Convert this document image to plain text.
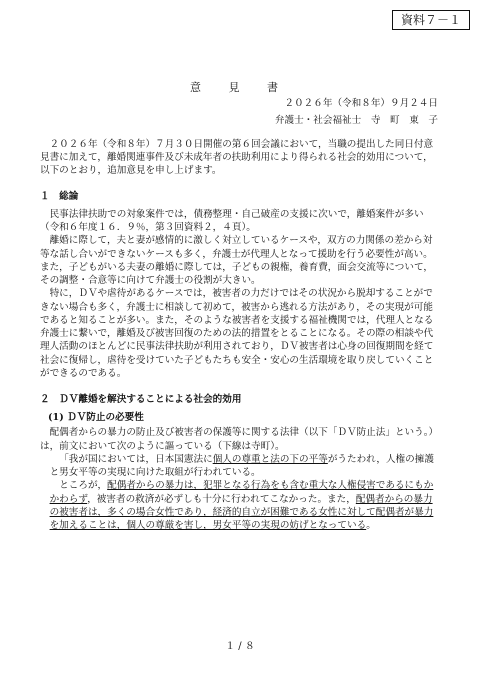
資料７－１
意 見 書
２０２６年（令和８年）９月２４日
弁護士・社会福祉士　寺　町　東　子

２０２６年（令和８年）７月３０日開催の第６回会議において，当職の提出した同日付意見書に加えて，離婚関連事件及び未成年者の扶助利用により得られる社会的効用について，以下のとおり，追加意見を申し上げます。

１　総論

民事法律扶助での対象案件では，債務整理・自己破産の支援に次いで，離婚案件が多い（令和６年度１６．９％，第３回資料２，４頁）。

離婚に際して，夫と妻が感情的に激しく対立しているケースや，双方の力関係の差から対等な話し合いができないケースも多く，弁護士が代理人となって援助を行う必要性が高い。また，子どもがいる夫妻の離婚に際しては，子どもの親権，養育費，面会交流等について，その調整・合意等に向けて弁護士の役割が大きい。

特に，ＤＶや虐待があるケースでは，被害者の力だけではその状況から脱却することができない場合も多く，弁護士に相談して初めて，被害から逃れる方法があり，その実現が可能であると知ることが多い。また，そのような被害者を支援する福祉機関では，代理人となる弁護士に繋いで，離婚及び被害回復のための法的措置をとることになる。その際の相談や代理人活動のほとんどに民事法律扶助が利用されており，ＤＶ被害者は心身の回復期間を経て社会に復帰し，虐待を受けていた子どもたちも安全・安心の生活環境を取り戻していくことができるのである。

２　ＤＶ離婚を解決することによる社会的効用
(1) ＤＶ防止の必要性

配偶者からの暴力の防止及び被害者の保護等に関する法律（以下「ＤＶ防止法」という。）は，前文において次のように謳っている（下線は寺町）。

「我が国においては，日本国憲法に個人の尊重と法の下の平等がうたわれ，人権の擁護と男女平等の実現に向けた取組が行われている。

ところが，配偶者からの暴力は，犯罪となる行為をも含む重大な人権侵害であるにもかかわらず，被害者の救済が必ずしも十分に行われてこなかった。また，配偶者からの暴力の被害者は，多くの場合女性であり，経済的自立が困難である女性に対して配偶者が暴力を加えることは，個人の尊厳を害し，男女平等の実現の妨げとなっている。

１ / ８
